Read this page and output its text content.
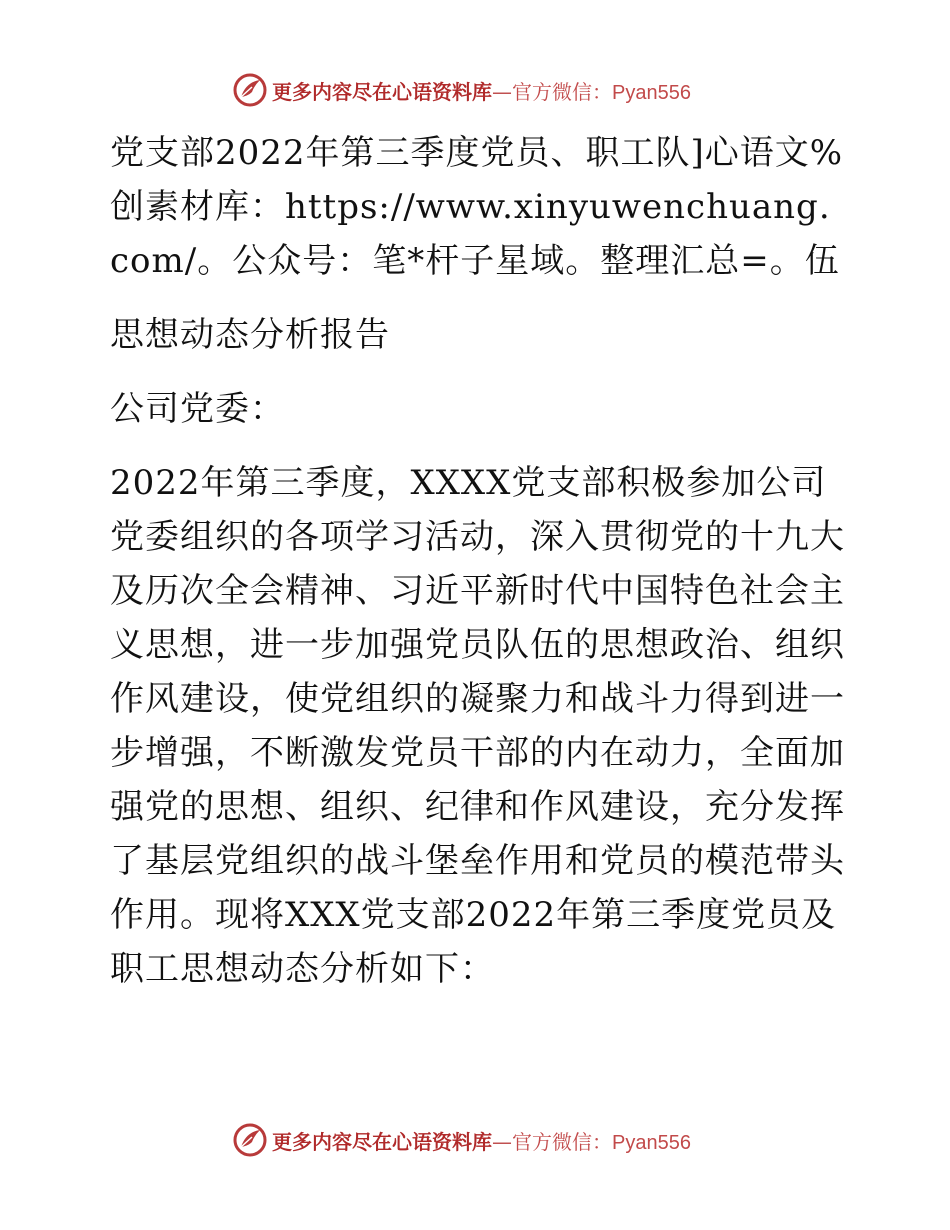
更多内容尽在心语资料库—官方微信：Pyan556

党支部2022年第三季度党员、职工队]心语文%创素材库：https://www.xinyuwenchuang.com/。公众号：笔*杆子星域。整理汇总=。伍

思想动态分析报告

公司党委：

2022年第三季度，XXXX党支部积极参加公司党委组织的各项学习活动，深入贯彻党的十九大及历次全会精神、习近平新时代中国特色社会主义思想，进一步加强党员队伍的思想政治、组织作风建设，使党组织的凝聚力和战斗力得到进一步增强，不断激发党员干部的内在动力，全面加强党的思想、组织、纪律和作风建设，充分发挥了基层党组织的战斗堡垒作用和党员的模范带头作用。现将XXX党支部2022年第三季度党员及职工思想动态分析如下：

更多内容尽在心语资料库—官方微信：Pyan556
